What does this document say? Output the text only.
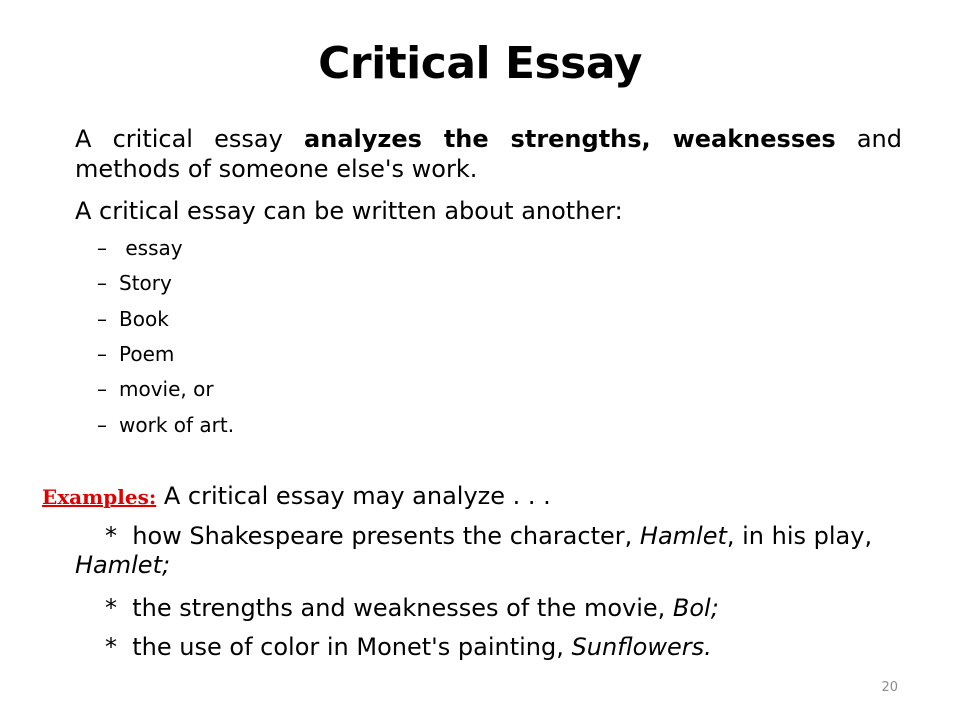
Critical Essay
A critical essay analyzes the strengths, weaknesses and methods of someone else's work.
A critical essay can be written about another:
– essay
– Story
– Book
– Poem
– movie, or
– work of art.
Examples: A critical essay may analyze . . .
* how Shakespeare presents the character, Hamlet, in his play, Hamlet;
* the strengths and weaknesses of the movie, Bol;
* the use of color in Monet's painting, Sunflowers.
20
